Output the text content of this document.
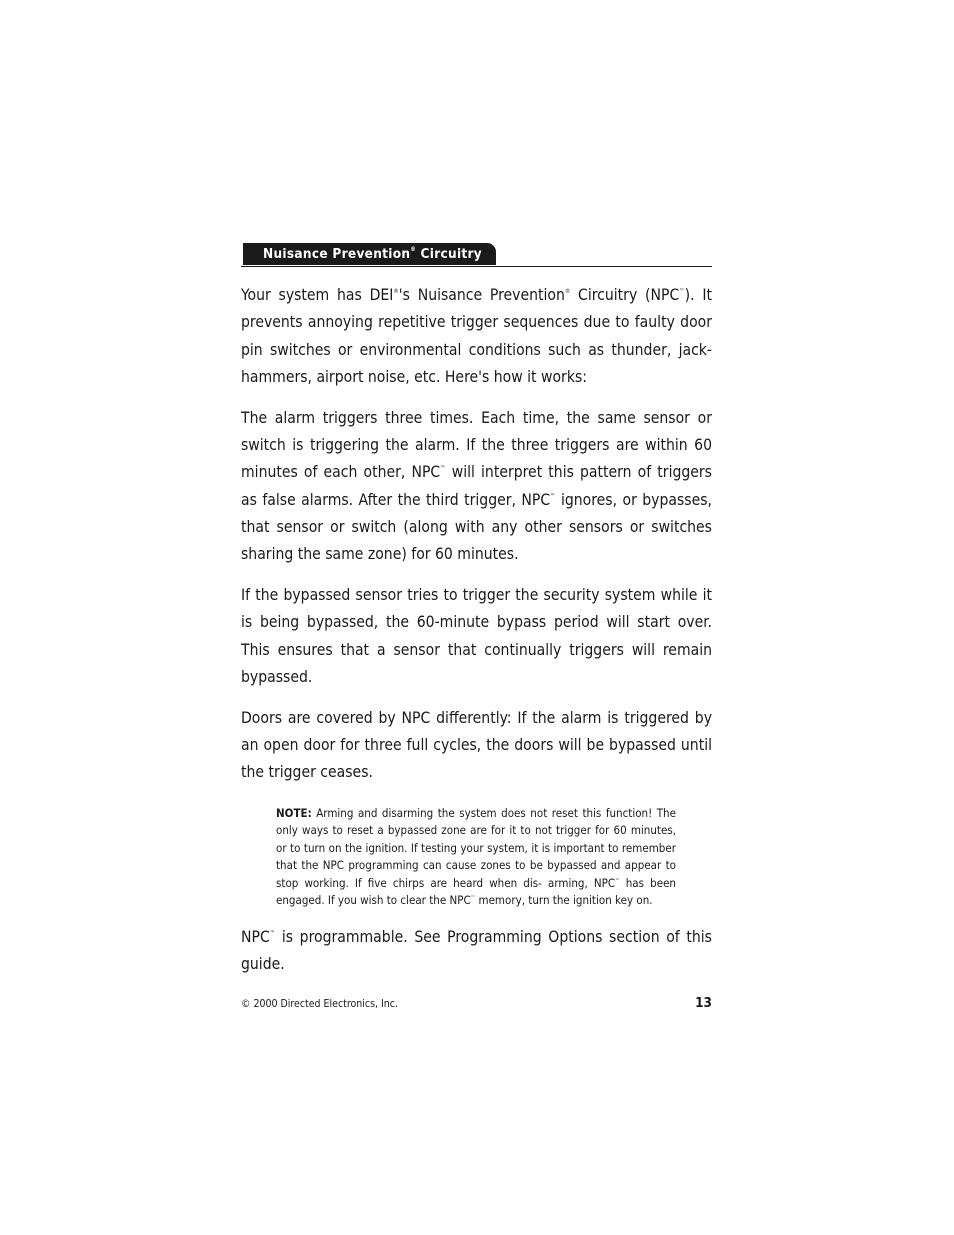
Nuisance Prevention® Circuitry

Your system has DEI®'s Nuisance Prevention® Circuitry (NPC™). It prevents annoying repetitive trigger sequences due to faulty door pin switches or environmental conditions such as thunder, jack- hammers, airport noise, etc. Here's how it works:

The alarm triggers three times. Each time, the same sensor or switch is triggering the alarm. If the three triggers are within 60 minutes of each other, NPC™ will interpret this pattern of triggers as false alarms. After the third trigger, NPC™ ignores, or bypasses, that sensor or switch (along with any other sensors or switches sharing the same zone) for 60 minutes.

If the bypassed sensor tries to trigger the security system while it is being bypassed, the 60-minute bypass period will start over. This ensures that a sensor that continually triggers will remain bypassed.

Doors are covered by NPC differently: If the alarm is triggered by an open door for three full cycles, the doors will be bypassed until the trigger ceases.

NOTE: Arming and disarming the system does not reset this function! The only ways to reset a bypassed zone are for it to not trigger for 60 minutes, or to turn on the ignition. If testing your system, it is important to remember that the NPC programming can cause zones to be bypassed and appear to stop working. If five chirps are heard when dis- arming, NPC™ has been engaged. If you wish to clear the NPC™ memory, turn the ignition key on.

NPC™ is programmable. See Programming Options section of this guide.

© 2000 Directed Electronics, Inc.	13
